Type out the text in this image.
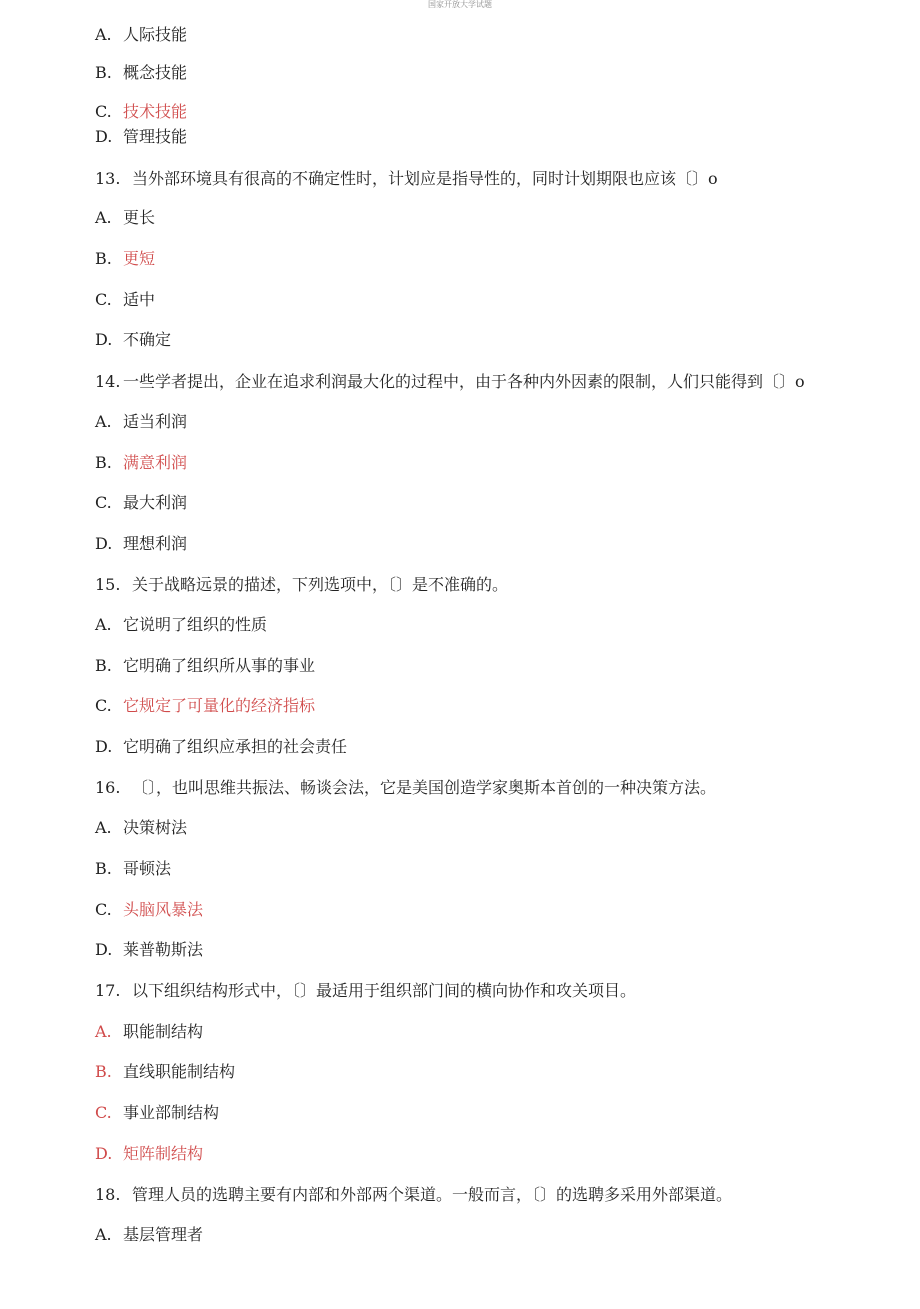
国家开放大学试题
A. 人际技能
B. 概念技能
C. 技术技能
D. 管理技能
13. 当外部环境具有很高的不确定性时，计划应是指导性的，同时计划期限也应该〔〕o
A. 更长
B. 更短
C. 适中
D. 不确定
14. 一些学者提出，企业在追求利润最大化的过程中，由于各种内外因素的限制，人们只能得到〔〕o
A. 适当利润
B. 满意利润
C. 最大利润
D. 理想利润
15. 关于战略远景的描述，下列选项中，〔〕是不准确的。
A. 它说明了组织的性质
B. 它明确了组织所从事的事业
C. 它规定了可量化的经济指标
D. 它明确了组织应承担的社会责任
16. 〔〕，也叫思维共振法、畅谈会法，它是美国创造学家奥斯本首创的一种决策方法。
A. 决策树法
B. 哥顿法
C. 头脑风暴法
D. 莱普勒斯法
17. 以下组织结构形式中，〔〕最适用于组织部门间的横向协作和攻关项目。
A. 职能制结构
B. 直线职能制结构
C. 事业部制结构
D. 矩阵制结构
18. 管理人员的选聘主要有内部和外部两个渠道。一般而言，〔〕的选聘多采用外部渠道。
A. 基层管理者
